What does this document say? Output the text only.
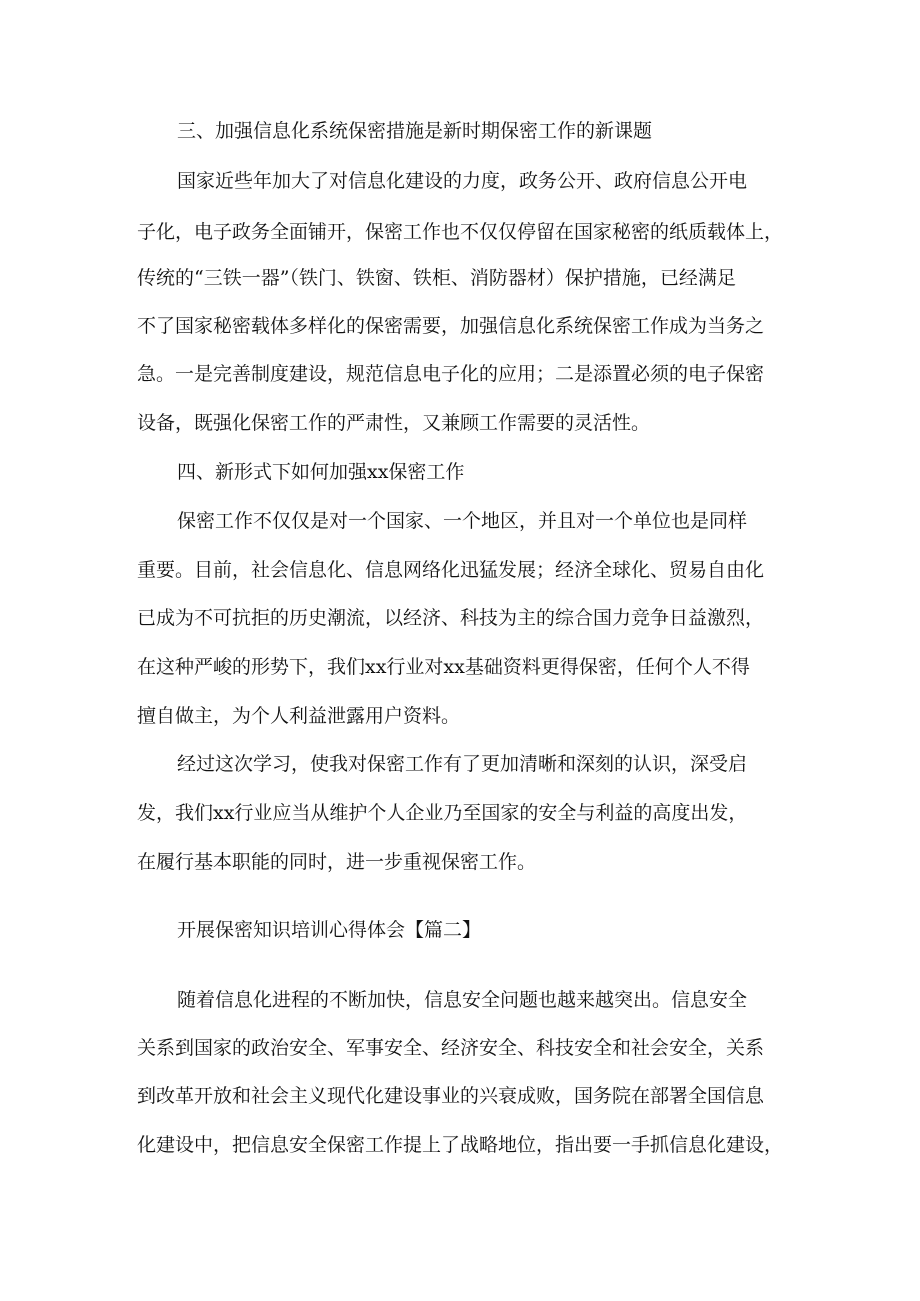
三、加强信息化系统保密措施是新时期保密工作的新课题
国家近些年加大了对信息化建设的力度，政务公开、政府信息公开电
子化，电子政务全面铺开，保密工作也不仅仅停留在国家秘密的纸质载体上，
传统的“三铁一器”（铁门、铁窗、铁柜、消防器材）保护措施，已经满足
不了国家秘密载体多样化的保密需要，加强信息化系统保密工作成为当务之
急。一是完善制度建设，规范信息电子化的应用；二是添置必须的电子保密
设备，既强化保密工作的严肃性，又兼顾工作需要的灵活性。
四、新形式下如何加强xx保密工作
保密工作不仅仅是对一个国家、一个地区，并且对一个单位也是同样
重要。目前，社会信息化、信息网络化迅猛发展；经济全球化、贸易自由化
已成为不可抗拒的历史潮流，以经济、科技为主的综合国力竞争日益激烈，
在这种严峻的形势下，我们xx行业对xx基础资料更得保密，任何个人不得
擅自做主，为个人利益泄露用户资料。
经过这次学习，使我对保密工作有了更加清晰和深刻的认识，深受启
发，我们xx行业应当从维护个人企业乃至国家的安全与利益的高度出发，
在履行基本职能的同时，进一步重视保密工作。
开展保密知识培训心得体会【篇二】
随着信息化进程的不断加快，信息安全问题也越来越突出。信息安全
关系到国家的政治安全、军事安全、经济安全、科技安全和社会安全，关系
到改革开放和社会主义现代化建设事业的兴衰成败，国务院在部署全国信息
化建设中，把信息安全保密工作提上了战略地位，指出要一手抓信息化建设，
